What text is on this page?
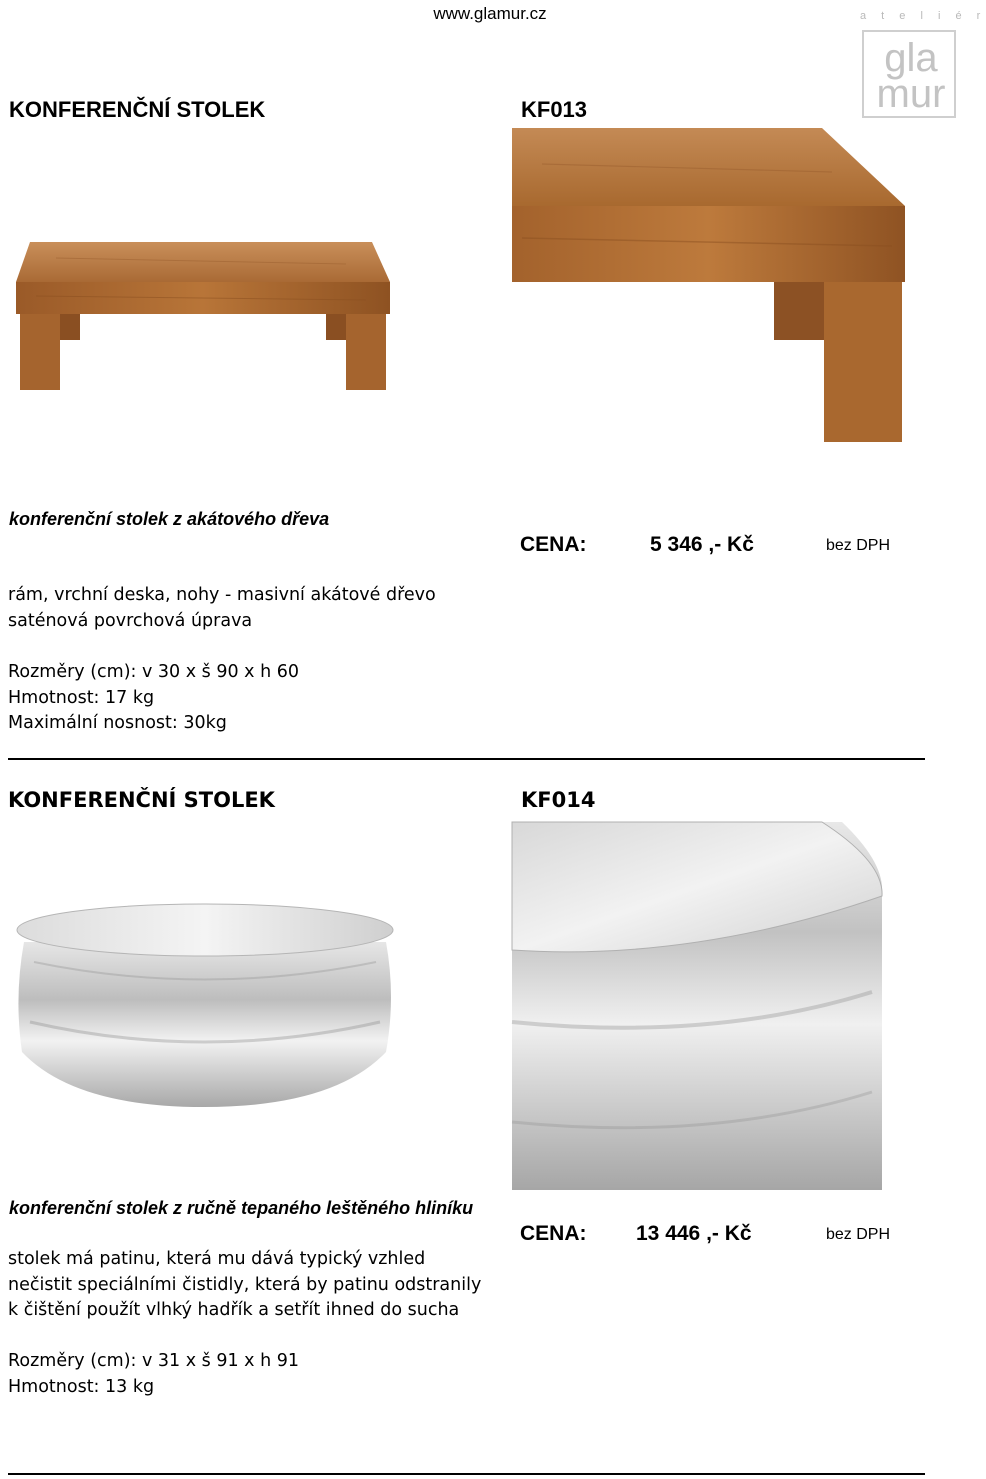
www.glamur.cz	a t e l i é r
gla
mur
KONFERENČNÍ STOLEK	KF013
konferenční stolek z akátového dřeva
CENA:	5 346 ,- Kč	bez DPH
rám, vrchní deska, nohy - masivní akátové dřevo
saténová povrchová úprava
Rozměry (cm): v 30 x š 90 x h 60
Hmotnost: 17 kg
Maximální nosnost: 30kg
KONFERENČNÍ STOLEK	KF014
konferenční stolek z ručně tepaného leštěného hliníku
CENA: 13 446 ,- Kč	bez DPH
stolek má patinu, která mu dává typický vzhled
nečistit speciálními čistidly, která by patinu odstranily
k čištění použít vlhký hadřík a setřít ihned do sucha
Rozměry (cm): v 31 x š 91 x h 91
Hmotnost: 13 kg
